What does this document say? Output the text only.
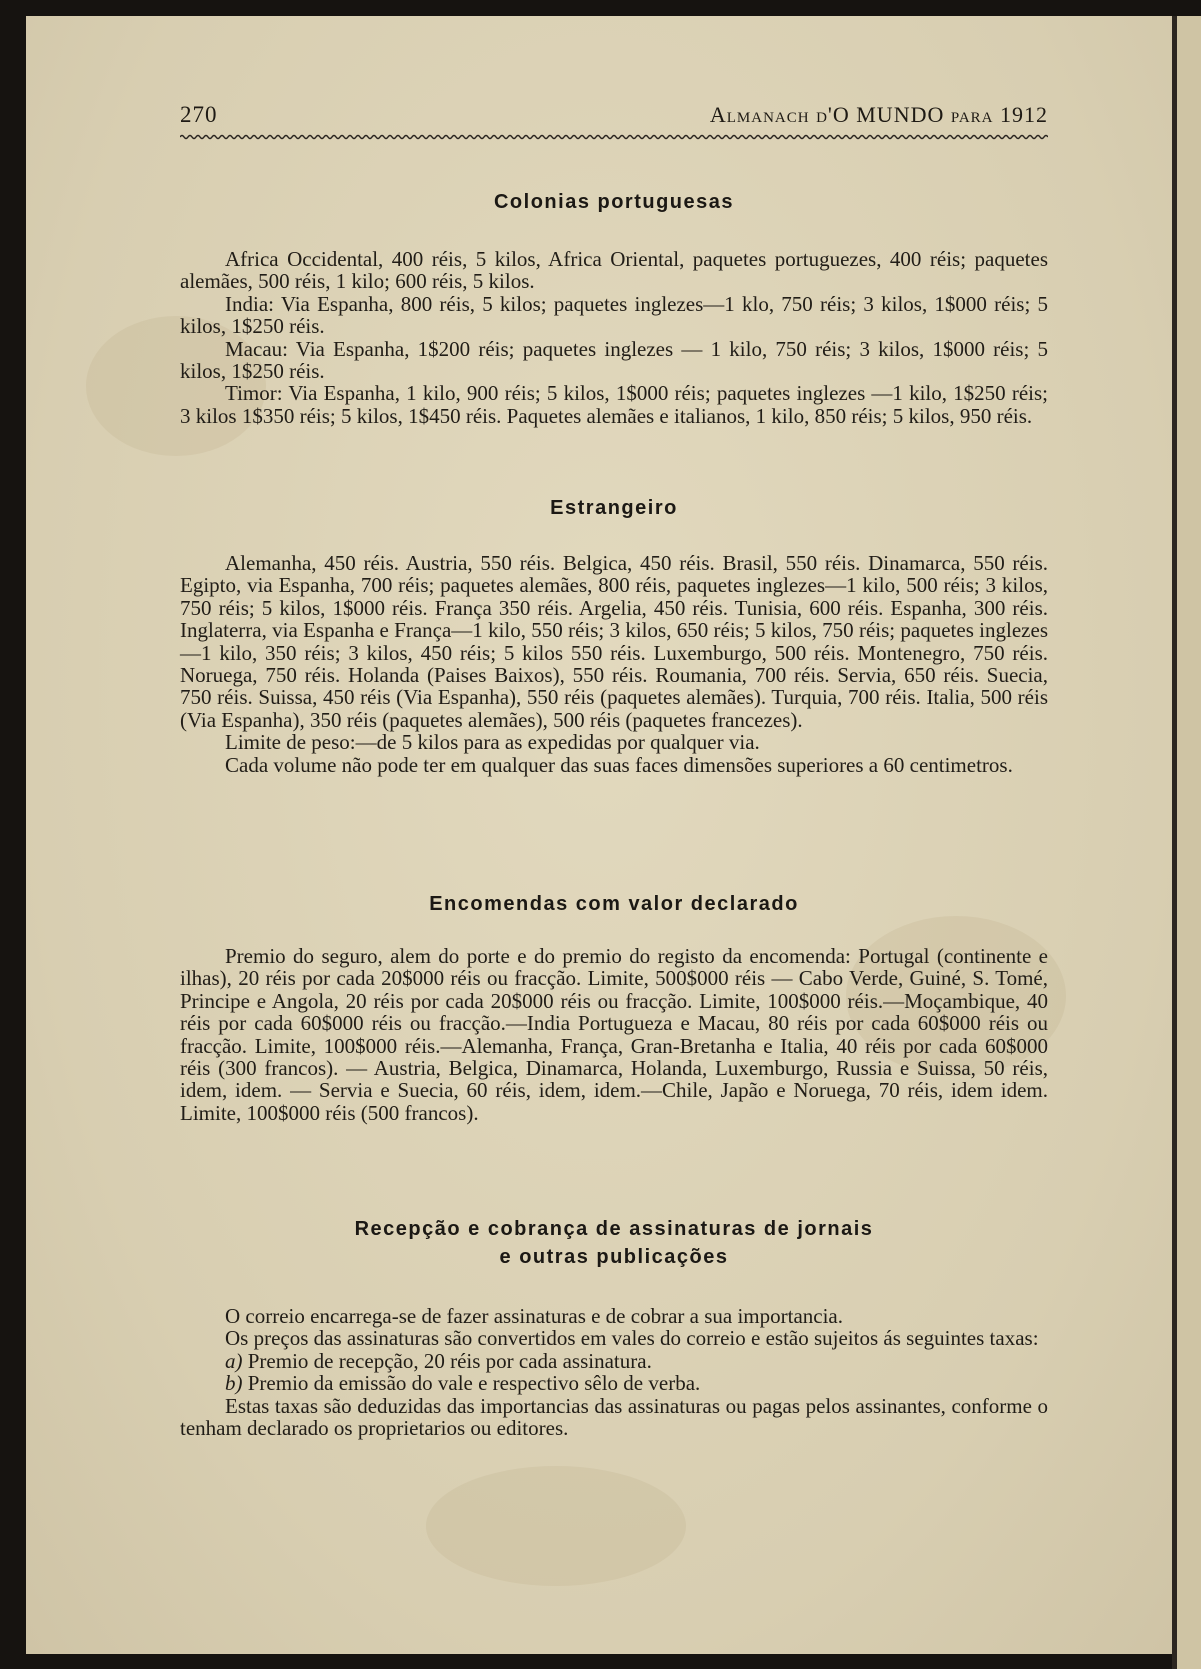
270	Almanach d'O MUNDO para 1912
Colonias portuguesas

Africa Occidental, 400 réis, 5 kilos, Africa Oriental, paquetes portuguezes, 400 réis; paquetes alemães, 500 réis, 1 kilo; 600 réis, 5 kilos.

India: Via Espanha, 800 réis, 5 kilos; paquetes inglezes—1 klo, 750 réis; 3 kilos, 1$000 réis; 5 kilos, 1$250 réis.

Macau: Via Espanha, 1$200 réis; paquetes inglezes — 1 kilo, 750 réis; 3 kilos, 1$000 réis; 5 kilos, 1$250 réis.

Timor: Via Espanha, 1 kilo, 900 réis; 5 kilos, 1$000 réis; paquetes inglezes —1 kilo, 1$250 réis; 3 kilos 1$350 réis; 5 kilos, 1$450 réis. Paquetes alemães e italianos, 1 kilo, 850 réis; 5 kilos, 950 réis.

Estrangeiro

Alemanha, 450 réis. Austria, 550 réis. Belgica, 450 réis. Brasil, 550 réis. Dinamarca, 550 réis. Egipto, via Espanha, 700 réis; paquetes alemães, 800 réis, paquetes inglezes—1 kilo, 500 réis; 3 kilos, 750 réis; 5 kilos, 1$000 réis. França 350 réis. Argelia, 450 réis. Tunisia, 600 réis. Espanha, 300 réis. Inglaterra, via Espanha e França—1 kilo, 550 réis; 3 kilos, 650 réis; 5 kilos, 750 réis; paquetes inglezes—1 kilo, 350 réis; 3 kilos, 450 réis; 5 kilos 550 réis. Luxemburgo, 500 réis. Montenegro, 750 réis. Noruega, 750 réis. Holanda (Paises Baixos), 550 réis. Roumania, 700 réis. Servia, 650 réis. Suecia, 750 réis. Suissa, 450 réis (Via Espanha), 550 réis (paquetes alemães). Turquia, 700 réis. Italia, 500 réis (Via Espanha), 350 réis (paquetes alemães), 500 réis (paquetes francezes).

Limite de peso:—de 5 kilos para as expedidas por qualquer via.

Cada volume não pode ter em qualquer das suas faces dimensões superiores a 60 centimetros.

Encomendas com valor declarado

Premio do seguro, alem do porte e do premio do registo da encomenda: Portugal (continente e ilhas), 20 réis por cada 20$000 réis ou fracção. Limite, 500$000 réis — Cabo Verde, Guiné, S. Tomé, Principe e Angola, 20 réis por cada 20$000 réis ou fracção. Limite, 100$000 réis.—Moçambique, 40 réis por cada 60$000 réis ou fracção.—India Portugueza e Macau, 80 réis por cada 60$000 réis ou fracção. Limite, 100$000 réis.—Alemanha, França, Gran-Bretanha e Italia, 40 réis por cada 60$000 réis (300 francos). — Austria, Belgica, Dinamarca, Holanda, Luxemburgo, Russia e Suissa, 50 réis, idem, idem. — Servia e Suecia, 60 réis, idem, idem.—Chile, Japão e Noruega, 70 réis, idem idem. Limite, 100$000 réis (500 francos).

Recepção e cobrança de assinaturas de jornais
e outras publicações

O correio encarrega-se de fazer assinaturas e de cobrar a sua importancia.

Os preços das assinaturas são convertidos em vales do correio e estão sujeitos ás seguintes taxas:

a) Premio de recepção, 20 réis por cada assinatura.

b) Premio da emissão do vale e respectivo sêlo de verba.

Estas taxas são deduzidas das importancias das assinaturas ou pagas pelos assinantes, conforme o tenham declarado os proprietarios ou editores.
